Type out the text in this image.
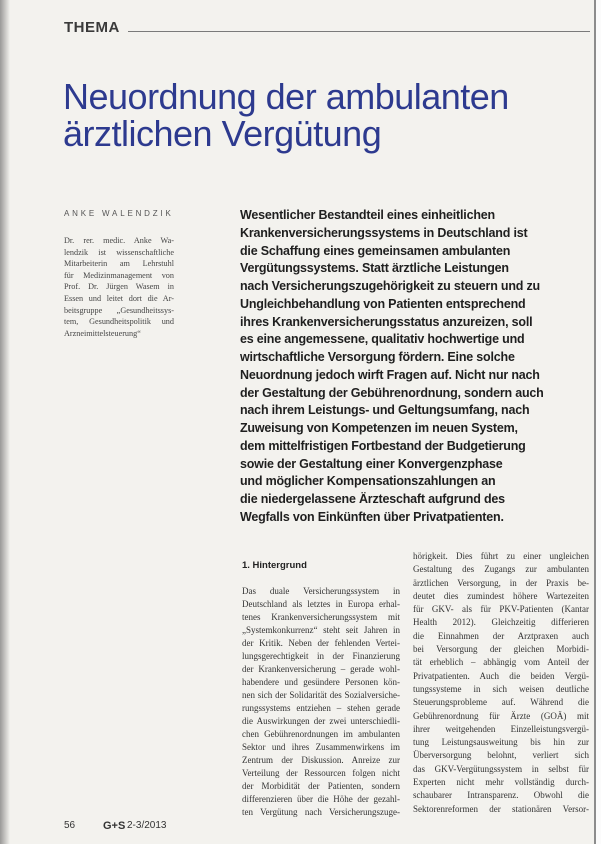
THEMA
Neuordnung der ambulanten
ärztlichen Vergütung
ANKE WALENDZIK
Dr. rer. medic. Anke Wa-
lendzik ist wissenschaftliche
Mitarbeiterin am Lehrstuhl
für Medizinmanagement von
Prof. Dr. Jürgen Wasem in
Essen und leitet dort die Ar-
beitsgruppe „Gesundheitssys-
tem, Gesundheitspolitik und
Arzneimittelsteuerung“
Wesentlicher Bestandteil eines einheitlichen
Krankenversicherungssystems in Deutschland ist
die Schaffung eines gemeinsamen ambulanten
Vergütungssystems. Statt ärztliche Leistungen
nach Versicherungszugehörigkeit zu steuern und zu
Ungleichbehandlung von Patienten entsprechend
ihres Krankenversicherungsstatus anzureizen, soll
es eine angemessene, qualitativ hochwertige und
wirtschaftliche Versorgung fördern. Eine solche
Neuordnung jedoch wirft Fragen auf. Nicht nur nach
der Gestaltung der Gebührenordnung, sondern auch
nach ihrem Leistungs- und Geltungsumfang, nach
Zuweisung von Kompetenzen im neuen System,
dem mittelfristigen Fortbestand der Budgetierung
sowie der Gestaltung einer Konvergenzphase
und möglicher Kompensationszahlungen an
die niedergelassene Ärzteschaft aufgrund des
Wegfalls von Einkünften über Privatpatienten.
1. Hintergrund
Das duale Versicherungssystem in
Deutschland als letztes in Europa erhal-
tenes Krankenversicherungssystem mit
„Systemkonkurrenz“ steht seit Jahren in
der Kritik. Neben der fehlenden Vertei-
lungsgerechtigkeit in der Finanzierung
der Krankenversicherung – gerade wohl-
habendere und gesündere Personen kön-
nen sich der Solidarität des Sozialversiche-
rungssystems entziehen – stehen gerade
die Auswirkungen der zwei unterschiedli-
chen Gebührenordnungen im ambulanten
Sektor und ihres Zusammenwirkens im
Zentrum der Diskussion. Anreize zur
Verteilung der Ressourcen folgen nicht
der Morbidität der Patienten, sondern
differenzieren über die Höhe der gezahl-
ten Vergütung nach Versicherungszuge-
hörigkeit. Dies führt zu einer ungleichen
Gestaltung des Zugangs zur ambulanten
ärztlichen Versorgung, in der Praxis be-
deutet dies zumindest höhere Wartezeiten
für GKV- als für PKV-Patienten (Kantar
Health 2012). Gleichzeitig differieren
die Einnahmen der Arztpraxen auch
bei Versorgung der gleichen Morbidi-
tät erheblich – abhängig vom Anteil der
Privatpatienten. Auch die beiden Vergü-
tungssysteme in sich weisen deutliche
Steuerungsprobleme auf. Während die
Gebührenordnung für Ärzte (GOÄ) mit
ihrer weitgehenden Einzelleistungsvergü-
tung Leistungsausweitung bis hin zur
Überversorgung belohnt, verliert sich
das GKV-Vergütungssystem in selbst für
Experten nicht mehr vollständig durch-
schaubarer Intransparenz. Obwohl die
Sektorenreformen der stationären Versor-
56	G+S 2-3/2013
